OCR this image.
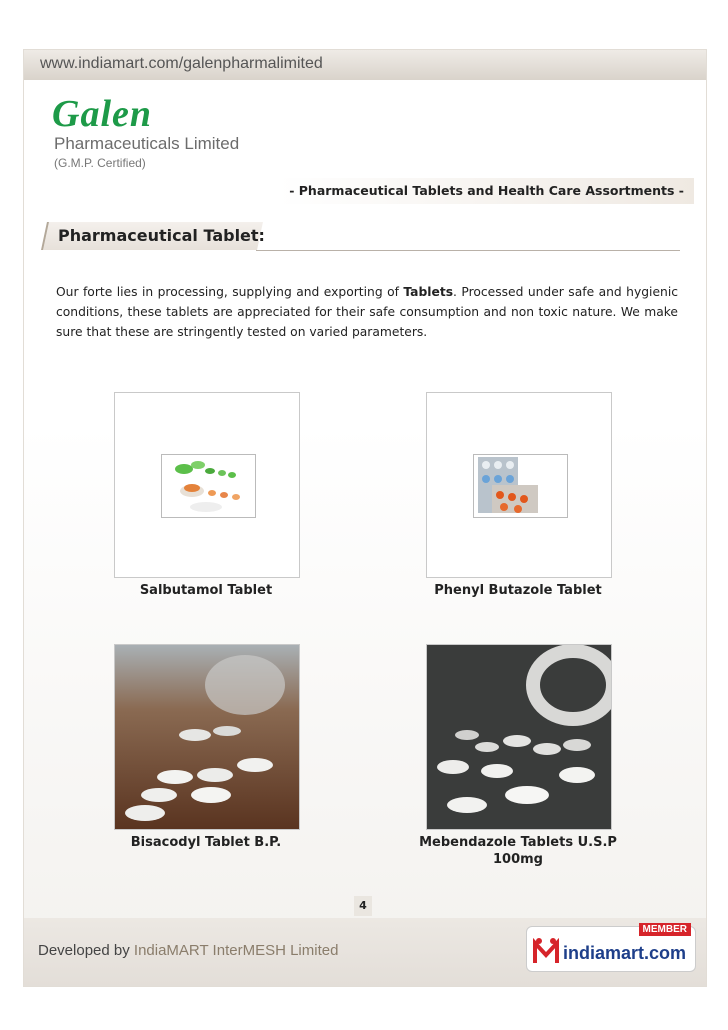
www.indiamart.com/galenpharmalimited
Galen
Pharmaceuticals Limited
(G.M.P. Certified)
- Pharmaceutical Tablets and Health Care Assortments -
Pharmaceutical Tablet:
Our forte lies in processing, supplying and exporting of Tablets. Processed under safe and hygienic conditions, these tablets are appreciated for their safe consumption and non toxic nature. We make sure that these are stringently tested on varied parameters.
Salbutamol Tablet	Phenyl Butazole Tablet
Bisacodyl Tablet B.P.	Mebendazole Tablets U.S.P 100mg
4
Developed by IndiaMART InterMESH Limited
MEMBER
indiamart.com
